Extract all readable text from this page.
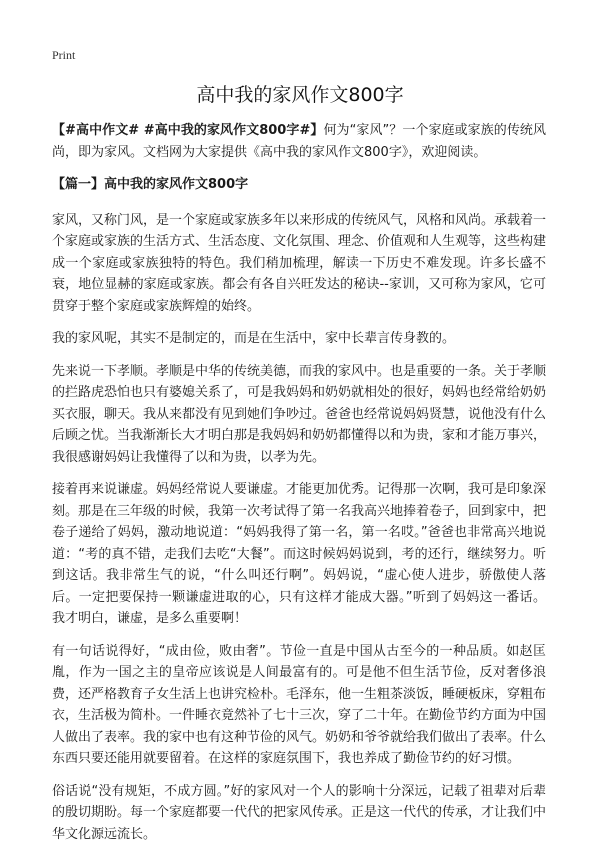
Print
高中我的家风作文800字

【#高中作文# #高中我的家风作文800字#】何为“家风”？一个家庭或家族的传统风尚，即为家风。文档网为大家提供《高中我的家风作文800字》，欢迎阅读。

【篇一】高中我的家风作文800字

家风，又称门风，是一个家庭或家族多年以来形成的传统风气，风格和风尚。承载着一个家庭或家族的生活方式、生活态度、文化氛围、理念、价值观和人生观等，这些构建成一个家庭或家族独特的特色。我们稍加梳理，解读一下历史不难发现。许多长盛不衰，地位显赫的家庭或家族。都会有各自兴旺发达的秘诀--家训，又可称为家风，它可贯穿于整个家庭或家族辉煌的始终。

我的家风呢，其实不是制定的，而是在生活中，家中长辈言传身教的。

先来说一下孝顺。孝顺是中华的传统美德，而我的家风中。也是重要的一条。关于孝顺的拦路虎恐怕也只有婆媳关系了，可是我妈妈和奶奶就相处的很好，妈妈也经常给奶奶买衣服，聊天。我从来都没有见到她们争吵过。爸爸也经常说妈妈贤慧，说他没有什么后顾之忧。当我渐渐长大才明白那是我妈妈和奶奶都懂得以和为贵，家和才能万事兴，我很感谢妈妈让我懂得了以和为贵，以孝为先。

接着再来说谦虚。妈妈经常说人要谦虚。才能更加优秀。记得那一次啊，我可是印象深刻。那是在三年级的时候，我第一次考试得了第一名我高兴地捧着卷子，回到家中，把卷子递给了妈妈，激动地说道：“妈妈我得了第一名，第一名哎。”爸爸也非常高兴地说道：“考的真不错，走我们去吃“大餐”。而这时候妈妈说到，考的还行，继续努力。听到这话。我非常生气的说，“什么叫还行啊”。妈妈说，“虚心使人进步，骄傲使人落后。一定把要保持一颗谦虚进取的心，只有这样才能成大器。”听到了妈妈这一番话。我才明白，谦虚，是多么重要啊！

有一句话说得好，“成由俭，败由奢”。节俭一直是中国从古至今的一种品质。如赵匡胤，作为一国之主的皇帝应该说是人间最富有的。可是他不但生活节俭，反对奢侈浪费，还严格教育子女生活上也讲究检朴。毛泽东，他一生粗茶淡饭，睡硬板床，穿粗布衣，生活极为简朴。一件睡衣竟然补了七十三次，穿了二十年。在勤俭节约方面为中国人做出了表率。我的家中也有这种节俭的风气。奶奶和爷爷就给我们做出了表率。什么东西只要还能用就要留着。在这样的家庭氛围下，我也养成了勤俭节约的好习惯。

俗话说“没有规矩，不成方圆。”好的家风对一个人的影响十分深远，记载了祖辈对后辈的殷切期盼。每一个家庭都要一代代的把家风传承。正是这一代代的传承，才让我们中华文化源远流长。
